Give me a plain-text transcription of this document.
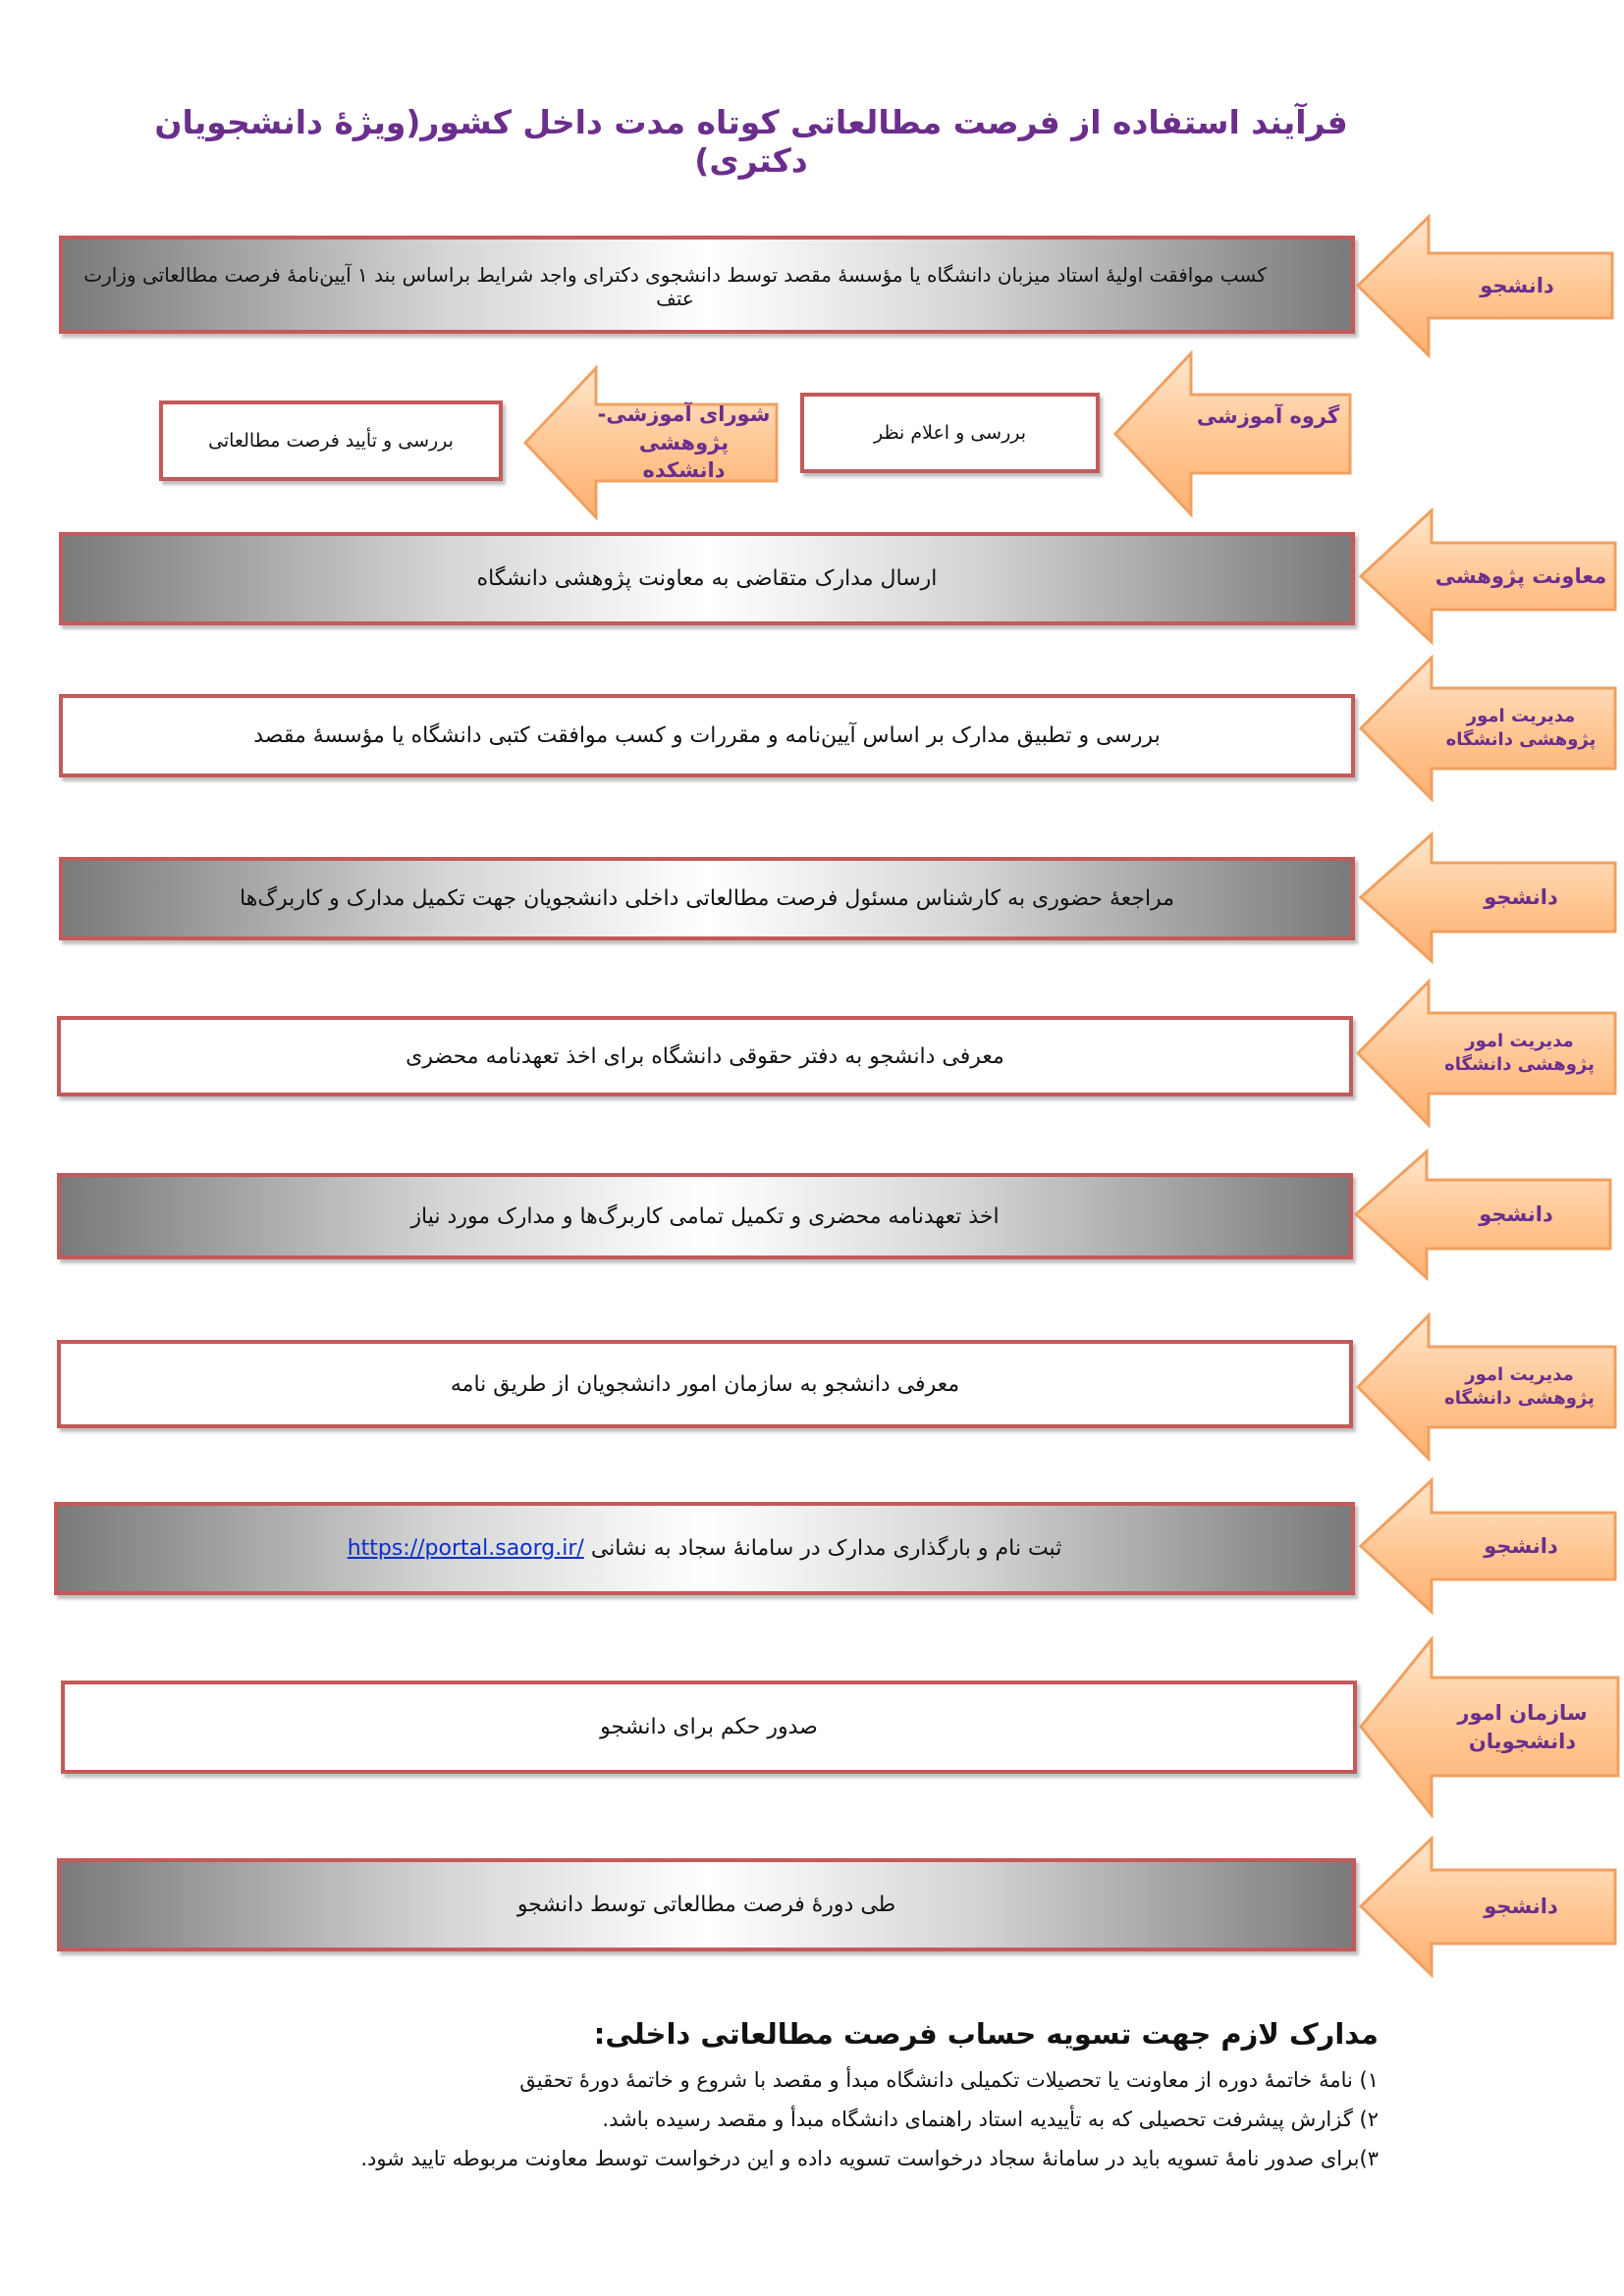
فرآیند استفاده از فرصت مطالعاتی کوتاه مدت داخل کشور(ویژۀ دانشجویان دکتری)
کسب موافقت اولیۀ استاد میزبان دانشگاه یا مؤسسۀ مقصد توسط دانشجوی دکترای واجد شرایط براساس بند ۱ آیین‌نامۀ فرصت مطالعاتی وزارت عتف
دانشجو
بررسی و اعلام نظر
گروه آموزشی
بررسی و تأیید فرصت مطالعاتی
شورای آموزشی- پژوهشی دانشکده
ارسال مدارک متقاضی به معاونت پژوهشی دانشگاه	معاونت پژوهشی
بررسی و تطبیق مدارک بر اساس آیین‌نامه و مقررات و کسب موافقت کتبی دانشگاه یا مؤسسۀ مقصد
مدیریت امور پژوهشی دانشگاه
مراجعۀ حضوری به کارشناس مسئول فرصت مطالعاتی داخلی دانشجویان جهت تکمیل مدارک و کاربرگ‌ها	دانشجو
معرفی دانشجو به دفتر حقوقی دانشگاه برای اخذ تعهدنامه محضری
مدیریت امور پژوهشی دانشگاه
اخذ تعهدنامه محضری و تکمیل تمامی کاربرگ‌ها و مدارک مورد نیاز	دانشجو
معرفی دانشجو به سازمان امور دانشجویان از طریق نامه	مدیریت امور پژوهشی دانشگاه
ثبت نام و بارگذاری مدارک در سامانۀ سجاد به نشانی https://portal.saorg.ir/	دانشجو
صدور حکم برای دانشجو
سازمان امور دانشجویان
طی دورۀ فرصت مطالعاتی توسط دانشجو	دانشجو
مدارک لازم جهت تسویه حساب فرصت مطالعاتی داخلی:

۱) نامۀ خاتمۀ دوره از معاونت یا تحصیلات تکمیلی دانشگاه مبدأ و مقصد با شروع و خاتمۀ دورۀ تحقیق

۲) گزارش پیشرفت تحصیلی که به تأییدیه استاد راهنمای دانشگاه مبدأ و مقصد رسیده باشد.

۳)برای صدور نامۀ تسویه باید در سامانۀ سجاد درخواست تسویه داده و این درخواست توسط معاونت مربوطه تایید شود.
